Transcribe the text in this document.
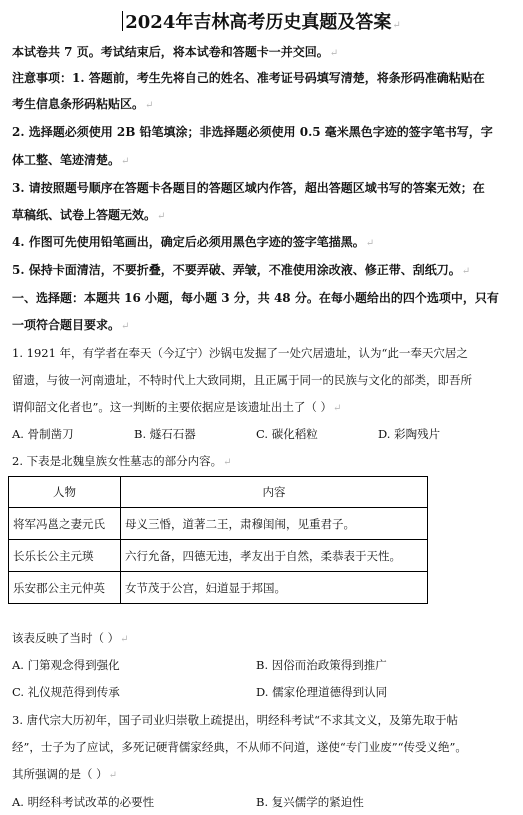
2024年吉林高考历史真题及答案↵
本试卷共 7 页。考试结束后，将本试卷和答题卡一并交回。↵
注意事项：1. 答题前，考生先将自己的姓名、准考证号码填写清楚，将条形码准确粘贴在
考生信息条形码粘贴区。↵
2. 选择题必须使用 2B 铅笔填涂；非选择题必须使用 0.5 毫米黑色字迹的签字笔书写，字
体工整、笔迹清楚。↵
3. 请按照题号顺序在答题卡各题目的答题区域内作答，超出答题区域书写的答案无效；在
草稿纸、试卷上答题无效。↵
4. 作图可先使用铅笔画出，确定后必须用黑色字迹的签字笔描黑。↵
5. 保持卡面清洁，不要折叠，不要弄破、弄皱，不准使用涂改液、修正带、刮纸刀。↵
一、选择题：本题共 16 小题，每小题 3 分，共 48 分。在每小题给出的四个选项中，只有
一项符合题目要求。↵
1. 1921 年，有学者在奉天（今辽宁）沙锅屯发掘了一处穴居遗址，认为“此一奉天穴居之
留遗，与彼一河南遗址，不特时代上大致同期，且正属于同一的民族与文化的部类，即吾所
谓仰韶文化者也”。这一判断的主要依据应是该遗址出土了（ ）↵
A. 骨制凿刀	B. 燧石石器	C. 碳化稻粒	D. 彩陶残片
2. 下表是北魏皇族女性墓志的部分内容。↵
人物	内容
将军冯邕之妻元氏	母义三惛，道著二王，肃穆闺闱，见重君子。
长乐长公主元瑛	六行允备，四德无违，孝友出于自然，柔恭表于天性。
乐安郡公主元仲英	女节茂于公宫，妇道显于邦国。
该表反映了当时（ ）↵
A. 门第观念得到强化	B. 因俗而治政策得到推广
C. 礼仪规范得到传承	D. 儒家伦理道德得到认同
3. 唐代宗大历初年，国子司业归崇敬上疏提出，明经科考试“不求其文义，及第先取于帖
经”，士子为了应试，多死记硬背儒家经典，不从师不问道，遂使“专门业废”“传受义绝”。
其所强调的是（ ）↵
A. 明经科考试改革的必要性	B. 复兴儒学的紧迫性
